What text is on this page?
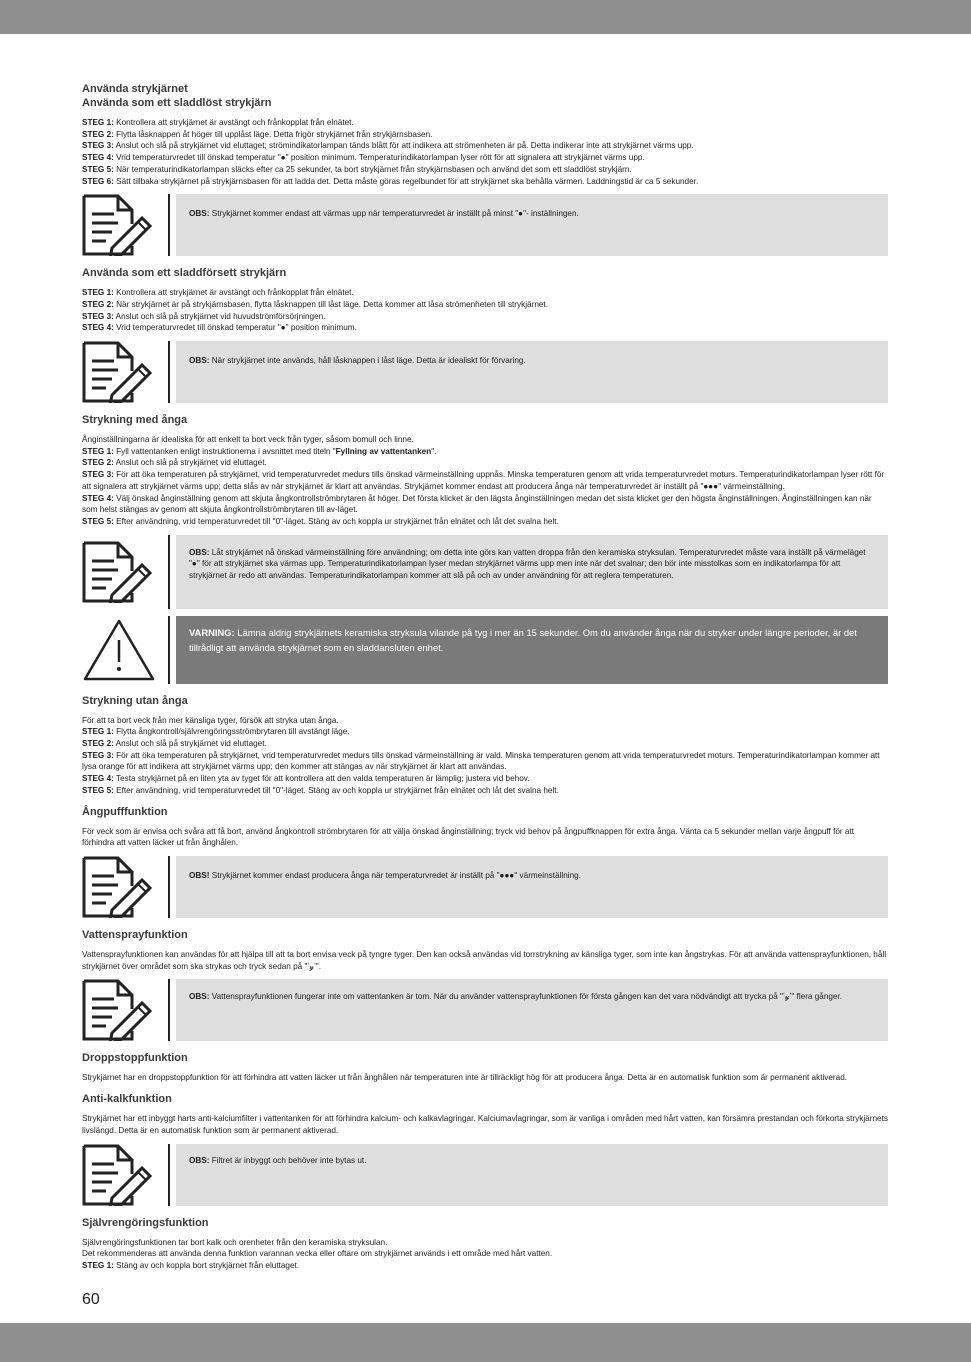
Använda strykjärnet
Använda som ett sladdlöst strykjärn

STEG 1: Kontrollera att strykjärnet är avstängt och frånkopplat från elnätet.

STEG 2: Flytta låsknappen åt höger till upplåst läge. Detta frigör strykjärnet från strykjärnsbasen.

STEG 3: Anslut och slå på strykjärnet vid eluttaget; strömindikatorlampan tänds blått för att indikera att strömenheten är på. Detta indikerar inte att strykjärnet värms upp.

STEG 4: Vrid temperaturvredet till önskad temperatur "●" position minimum. Temperaturindikatorlampan lyser rött för att signalera att strykjärnet värms upp.

STEG 5: När temperaturindikatorlampan släcks efter ca 25 sekunder, ta bort strykjärnet från strykjärnsbasen och använd det som ett sladdlöst strykjärn.

STEG 6: Sätt tillbaka strykjärnet på strykjärnsbasen för att ladda det. Detta måste göras regelbundet för att strykjärnet ska behålla värmen. Laddningstid är ca 5 sekunder.

OBS: Strykjärnet kommer endast att värmas upp när temperaturvredet är inställt på minst "●"- inställningen.
Använda som ett sladdförsett strykjärn

STEG 1: Kontrollera att strykjärnet är avstängt och frånkopplat från elnätet.

STEG 2: När strykjärnet är på strykjärnsbasen, flytta låsknappen till låst läge. Detta kommer att låsa strömenheten till strykjärnet.

STEG 3: Anslut och slå på strykjärnet vid huvudströmförsörjningen.

STEG 4: Vrid temperaturvredet till önskad temperatur "●" position minimum.

OBS: När strykjärnet inte används, håll låsknappen i låst läge. Detta är idealiskt för förvaring.
Strykning med ånga

Ånginställningarna är idealiska för att enkelt ta bort veck från tyger, såsom bomull och linne.

STEG 1: Fyll vattentanken enligt instruktionerna i avsnittet med titeln "Fyllning av vattentanken".

STEG 2: Anslut och slå på strykjärnet vid eluttaget.

STEG 3: För att öka temperaturen på strykjärnet, vrid temperaturvredet medurs tills önskad värmeinställning uppnås. Minska temperaturen genom att vrida temperaturvredet moturs. Temperaturindikatorlampan lyser rött för att signalera att strykjärnet värms upp; detta slås av när strykjärnet är klart att användas. Strykjärnet kommer endast att producera ånga när temperaturvredet är inställt på "●●●" värmeinställning.

STEG 4: Välj önskad ånginställning genom att skjuta ångkontrollströmbrytaren åt höger. Det första klicket är den lägsta ånginställningen medan det sista klicket ger den högsta ånginställningen. Ånginställningen kan när som helst stängas av genom att skjuta ångkontrollströmbrytaren till av-läget.

STEG 5: Efter användning, vrid temperaturvredet till "0"-läget. Stäng av och koppla ur strykjärnet från elnätet och låt det svalna helt.

OBS: Låt strykjärnet nå önskad värmeinställning före användning; om detta inte görs kan vatten droppa från den keramiska stryksulan. Temperaturvredet måste vara inställt på värmeläget "●" för att strykjärnet ska värmas upp. Temperaturindikatorlampan lyser medan strykjärnet värms upp men inte när det svalnar; den bör inte misstolkas som en indikatorlampa för att strykjärnet är redo att användas. Temperaturindikatorlampan kommer att slå på och av under användning för att reglera temperaturen.
VARNING: Lämna aldrig strykjärnets keramiska stryksula vilande på tyg i mer än 15 sekunder. Om du använder ånga när du stryker under längre perioder, är det tillrådligt att använda strykjärnet som en sladdansluten enhet.
Strykning utan ånga

För att ta bort veck från mer känsliga tyger, försök att stryka utan ånga.

STEG 1: Flytta ångkontroll/självrengöringsströmbrytaren till avstängt läge.

STEG 2: Anslut och slå på strykjärnet vid eluttaget.

STEG 3: För att öka temperaturen på strykjärnet, vrid temperaturvredet medurs tills önskad värmeinställning är vald. Minska temperaturen genom att vrida temperaturvredet moturs. Temperaturindikatorlampan kommer att lysa orange för att indikera att strykjärnet värms upp; den kommer att stängas av när strykjärnet är klart att användas.

STEG 4: Testa strykjärnet på en liten yta av tyget för att kontrollera att den valda temperaturen är lämplig; justera vid behov.

STEG 5: Efter användning, vrid temperaturvredet till "0"-läget. Stäng av och koppla ur strykjärnet från elnätet och låt det svalna helt.

Ångpufffunktion

För veck som är envisa och svåra att få bort, använd ångkontroll strömbrytaren för att välja önskad ånginställning; tryck vid behov på ångpuffknappen för extra ånga. Vänta ca 5 sekunder mellan varje ångpuff för att förhindra att vatten läcker ut från ånghålen.

OBS! Strykjärnet kommer endast producera ånga när temperaturvredet är inställt på "●●●" värmeinställning.
Vattensprayfunktion

Vattensprayfunktionen kan användas för att hjälpa till att ta bort envisa veck på tyngre tyger. Den kan också användas vid torrstrykning av känsliga tyger, som inte kan ångstrykas. För att använda vattensprayfunktionen, håll strykjärnet över området som ska strykas och tryck sedan på "ʽ𝓎ʼ".

OBS: Vattensprayfunktionen fungerar inte om vattentanken är tom. När du använder vattensprayfunktionen för första gången kan det vara nödvändigt att trycka på "ʽ𝓎ʼ" flera gånger.
Droppstoppfunktion

Strykjärnet har en droppstoppfunktion för att förhindra att vatten läcker ut från ånghålen när temperaturen inte är tillräckligt hög för att producera ånga. Detta är en automatisk funktion som är permanent aktiverad.

Anti-kalkfunktion

Strykjärnet har ett inbyggt harts anti-kalciumfilter i vattentanken för att förhindra kalcium- och kalkavlagringar. Kalciumavlagringar, som är vanliga i områden med hårt vatten, kan försämra prestandan och förkorta strykjärnets livslängd. Detta är en automatisk funktion som är permanent aktiverad.

OBS: Filtret är inbyggt och behöver inte bytas ut.
Självrengöringsfunktion

Självrengöringsfunktionen tar bort kalk och orenheter från den keramiska stryksulan.

Det rekommenderas att använda denna funktion varannan vecka eller oftare om strykjärnet används i ett område med hårt vatten.

STEG 1: Stäng av och koppla bort strykjärnet från eluttaget.

60
